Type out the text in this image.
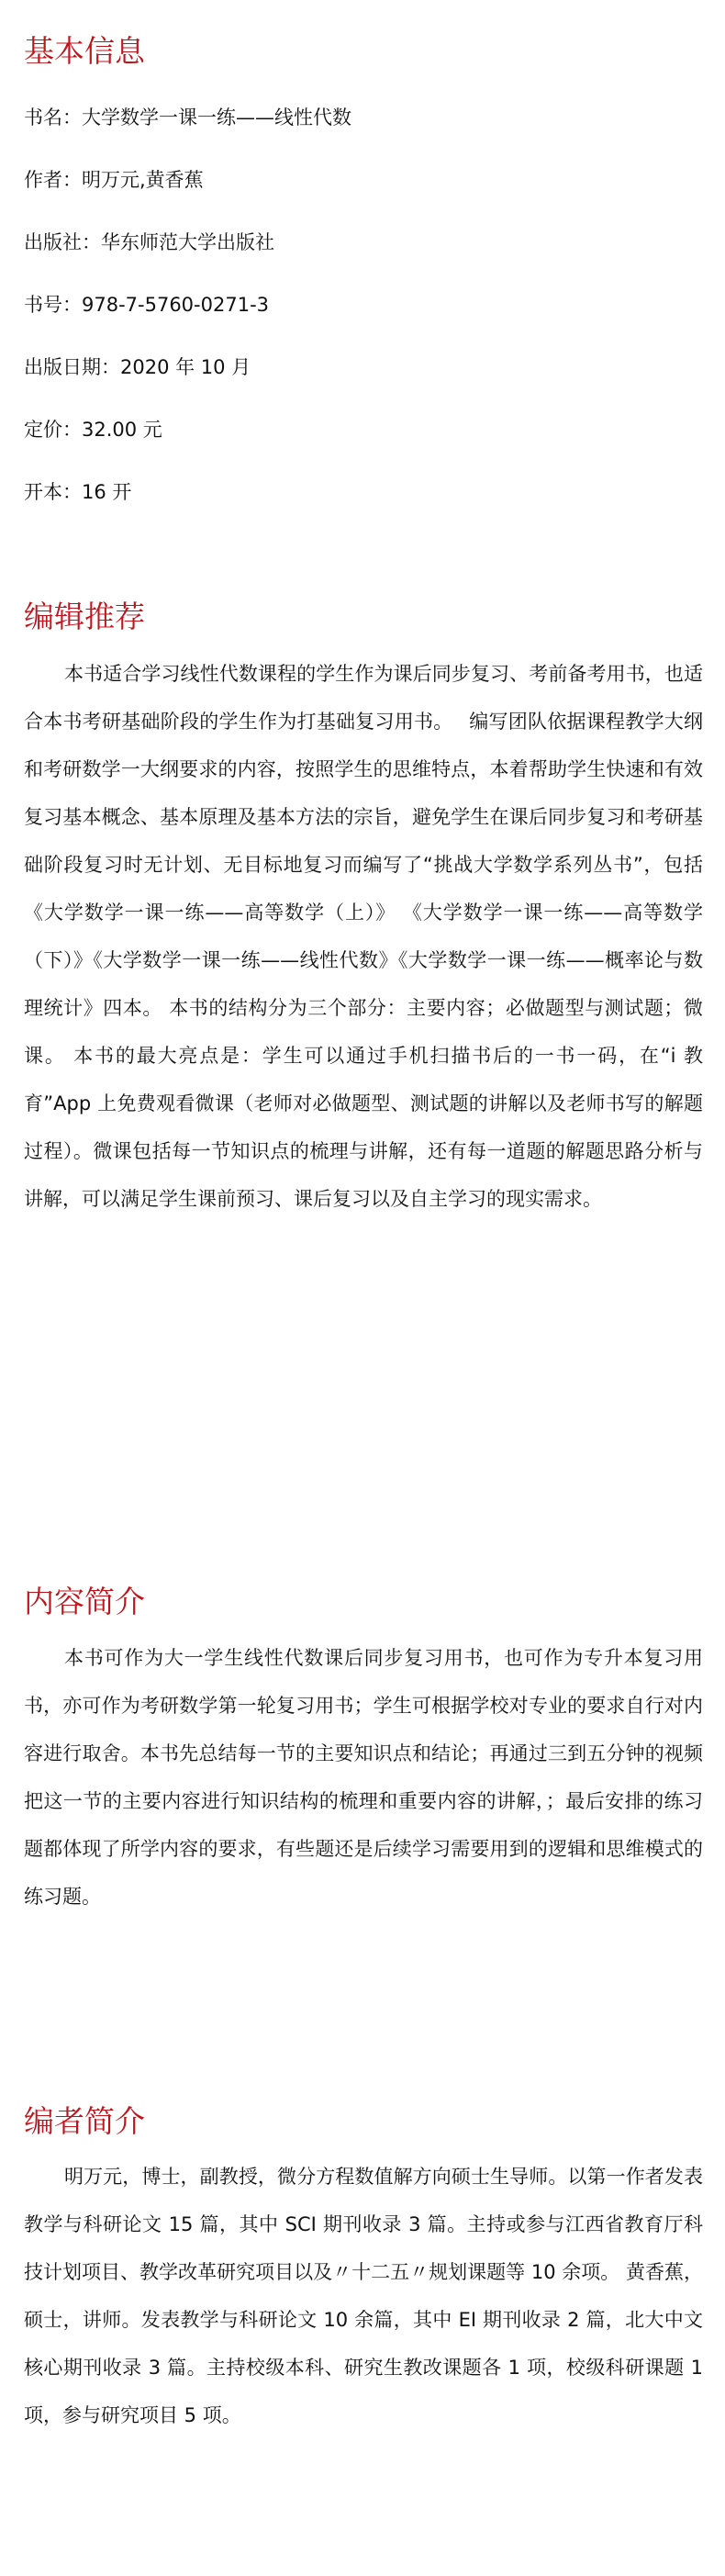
基本信息

书名：大学数学一课一练——线性代数

作者：明万元,黄香蕉

出版社：华东师范大学出版社

书号：978-7-5760-0271-3

出版日期：2020 年 10 月

定价：32.00 元

开本：16 开

编辑推荐

本书适合学习线性代数课程的学生作为课后同步复习、考前备考用书，也适合本书考研基础阶段的学生作为打基础复习用书。　 编写团队依据课程教学大纲和考研数学一大纲要求的内容，按照学生的思维特点，本着帮助学生快速和有效复习基本概念、基本原理及基本方法的宗旨，避免学生在课后同步复习和考研基础阶段复习时无计划、无目标地复习而编写了“挑战大学数学系列丛书”，包括《大学数学一课一练——高等数学（上）》 《大学数学一课一练——高等数学（下）》《大学数学一课一练——线性代数》《大学数学一课一练——概率论与数理统计》四本。 本书的结构分为三个部分：主要内容；必做题型与测试题；微课。 本书的最大亮点是：学生可以通过手机扫描书后的一书一码，在“i 教育”App 上免费观看微课（老师对必做题型、测试题的讲解以及老师书写的解题过程）。微课包括每一节知识点的梳理与讲解，还有每一道题的解题思路分析与讲解，可以满足学生课前预习、课后复习以及自主学习的现实需求。

内容简介

本书可作为大一学生线性代数课后同步复习用书，也可作为专升本复习用书，亦可作为考研数学第一轮复习用书；学生可根据学校对专业的要求自行对内容进行取舍。本书先总结每一节的主要知识点和结论；再通过三到五分钟的视频把这一节的主要内容进行知识结构的梳理和重要内容的讲解，；最后安排的练习题都体现了所学内容的要求，有些题还是后续学习需要用到的逻辑和思维模式的练习题。

编者简介

明万元，博士，副教授，微分方程数值解方向硕士生导师。以第一作者发表教学与科研论文 15 篇，其中 SCI 期刊收录 3 篇。主持或参与江西省教育厅科技计划项目、教学改革研究项目以及〃十二五〃规划课题等 10 余项。 黄香蕉，硕士，讲师。发表教学与科研论文 10 余篇，其中 EI 期刊收录 2 篇，北大中文核心期刊收录 3 篇。主持校级本科、研究生教改课题各 1 项，校级科研课题 1 项，参与研究项目 5 项。
